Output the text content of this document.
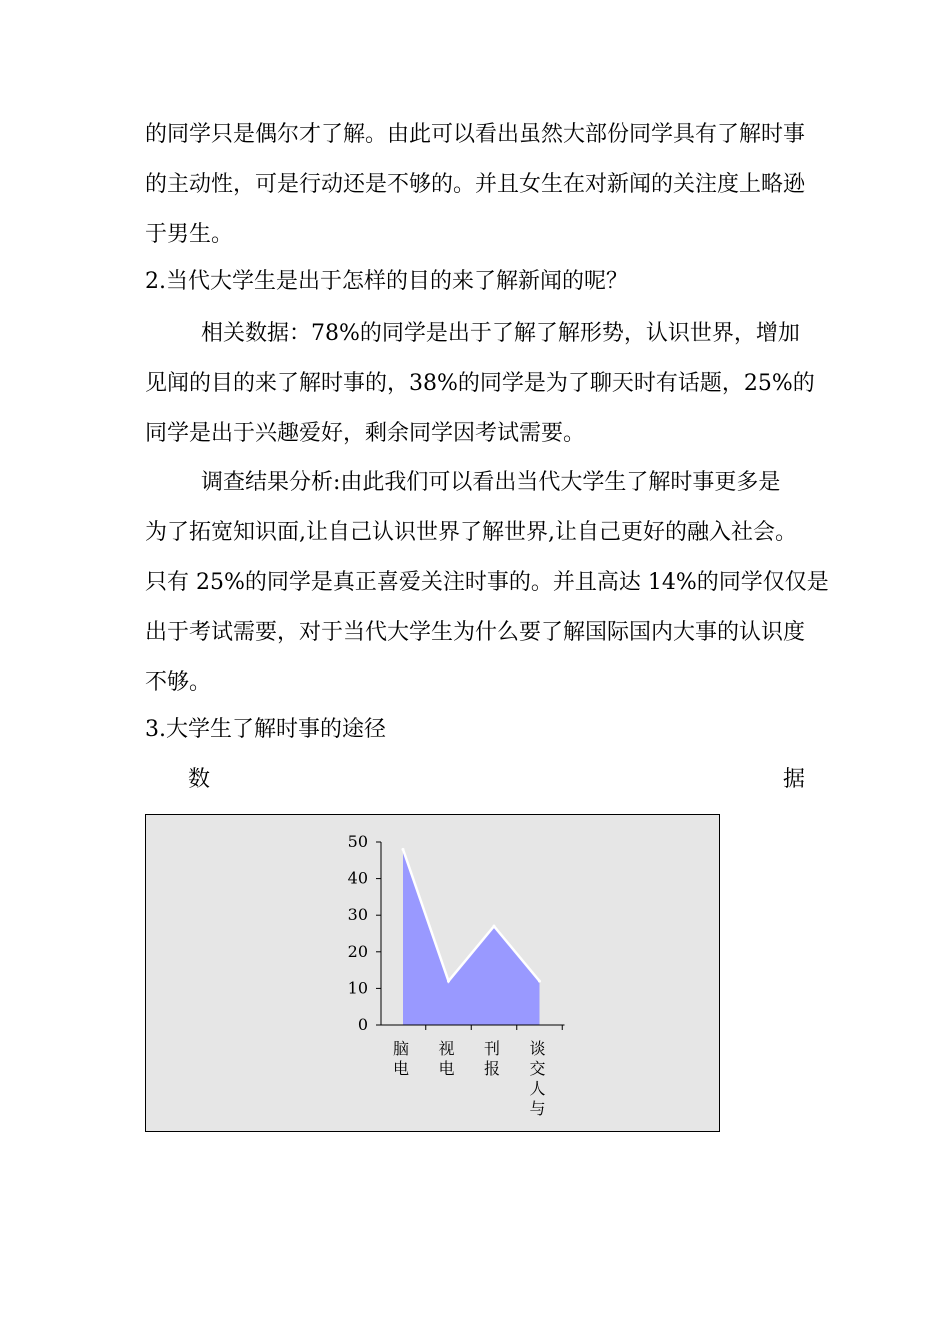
的同学只是偶尔才了解。由此可以看出虽然大部份同学具有了解时事
的主动性，可是行动还是不够的。并且女生在对新闻的关注度上略逊
于男生。
2.当代大学生是出于怎样的目的来了解新闻的呢？
相关数据：78%的同学是出于了解了解形势，认识世界，增加
见闻的目的来了解时事的，38%的同学是为了聊天时有话题，25%的
同学是出于兴趣爱好，剩余同学因考试需要。
调查结果分析:由此我们可以看出当代大学生了解时事更多是
为了拓宽知识面,让自己认识世界了解世界,让自己更好的融入社会。
只有 25%的同学是真正喜爱关注时事的。并且高达 14%的同学仅仅是
出于考试需要，对于当代大学生为什么要了解国际国内大事的认识度
不够。
3.大学生了解时事的途径
数	据
0
10
20
30
40
50
脑
电
视
电
刊
报
谈
交
人
与
